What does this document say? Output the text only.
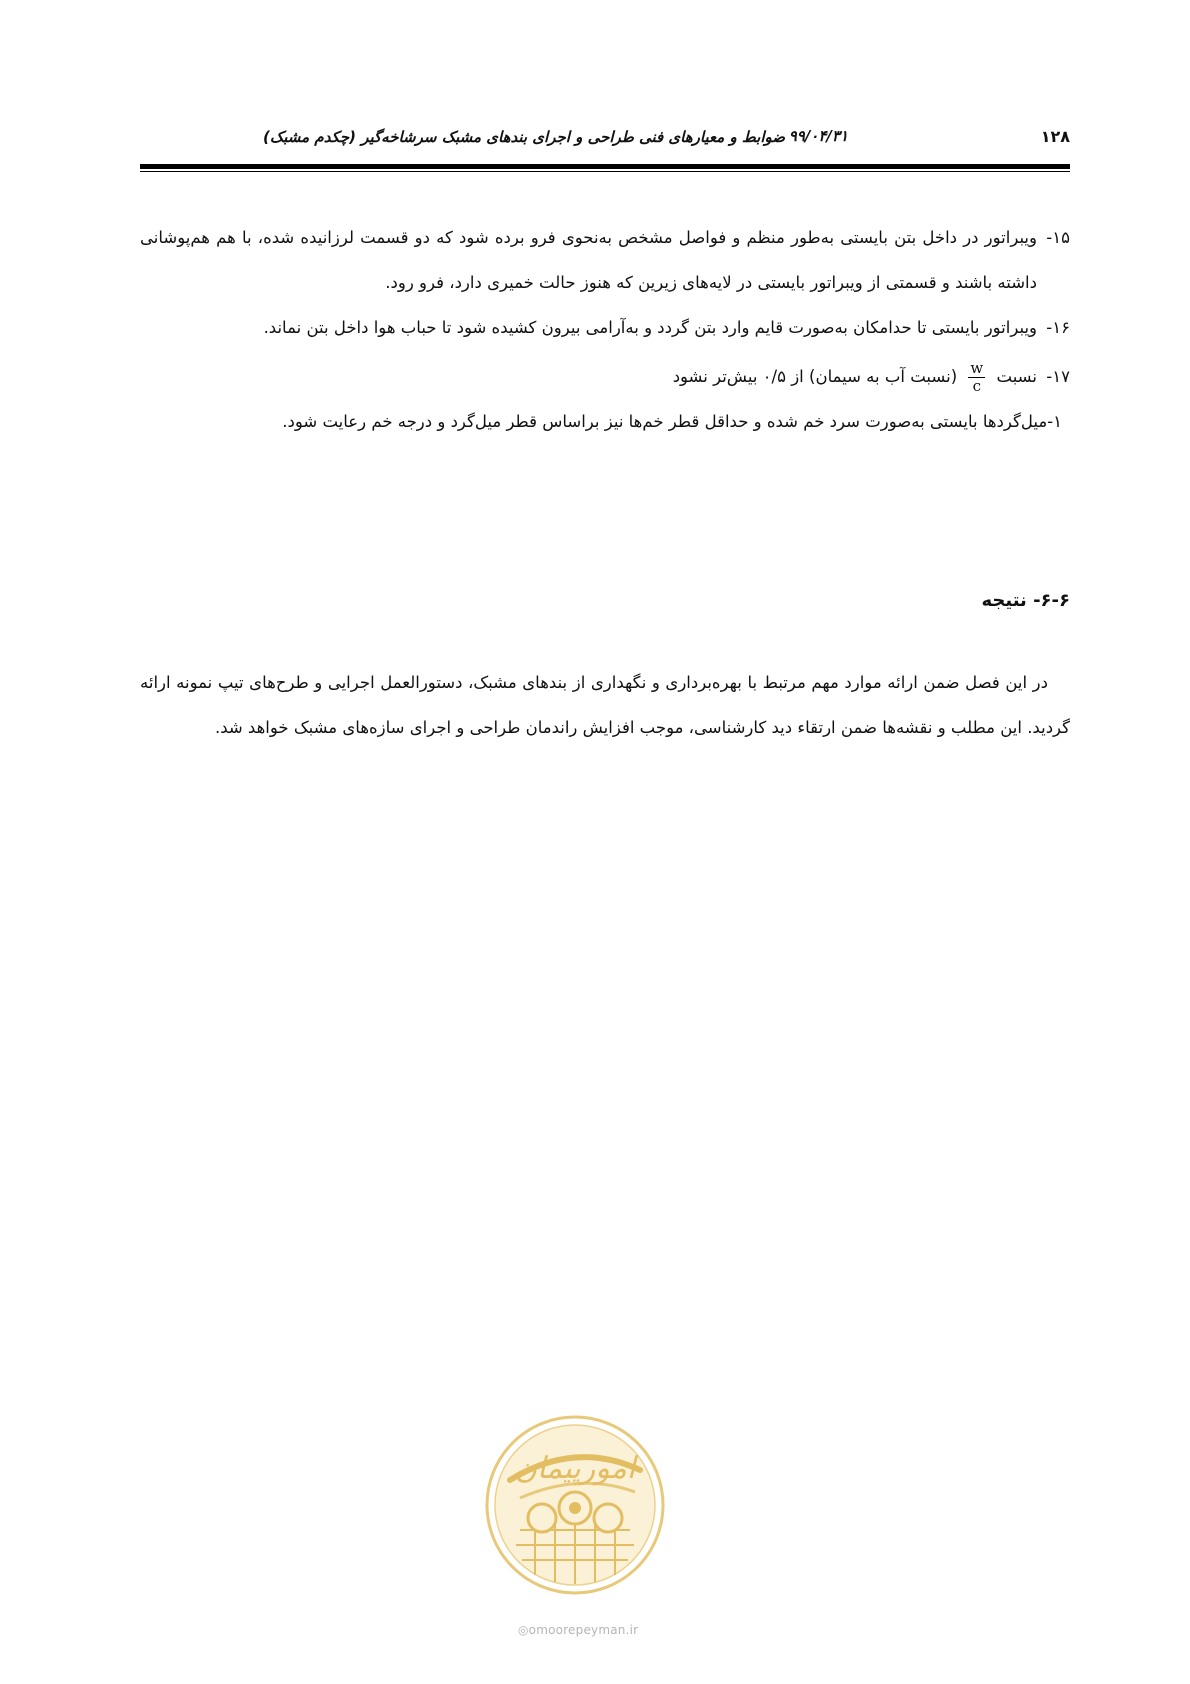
۱۲۸
ضوابط و معیارهای فنی طراحی و اجرای بندهای مشبک سرشاخه‌گیر (چکدم مشبک) ۹۹/۰۴/۳۱

۱۵-
ویبراتور در داخل بتن بایستی به‌طور منظم و فواصل مشخص به‌نحوی فرو برده شود که دو قسمت لرزانیده شده، با هم هم‌پوشانی داشته باشند و قسمتی از ویبراتور بایستی در لایه‌های زیرین که هنوز حالت خمیری دارد، فرو رود.

۱۶-
ویبراتور بایستی تا حدامکان به‌صورت قایم وارد بتن گردد و به‌آرامی بیرون کشیده شود تا حباب هوا داخل بتن نماند.

۱۷-
نسبت
$\frac{w}{c}$
(نسبت آب به سیمان) از ۰/۵ بیش‌تر نشود

۱-میل‌گردها بایستی به‌صورت سرد خم شده و حداقل قطر خم‌ها نیز براساس قطر میل‌گرد و درجه خم رعایت شود.

۶-۶- نتیجه

در این فصل ضمن ارائه موارد مهم مرتبط با بهره‌برداری و نگهداری از بندهای مشبک، دستورالعمل اجرایی و طرح‌های تیپ نمونه ارائه گردید. این مطلب و نقشه‌ها ضمن ارتقاء دید کارشناسی، موجب افزایش راندمان طراحی و اجرای سازه‌های مشبک خواهد شد.

امورپیمان
◎omoorepeyman.ir
